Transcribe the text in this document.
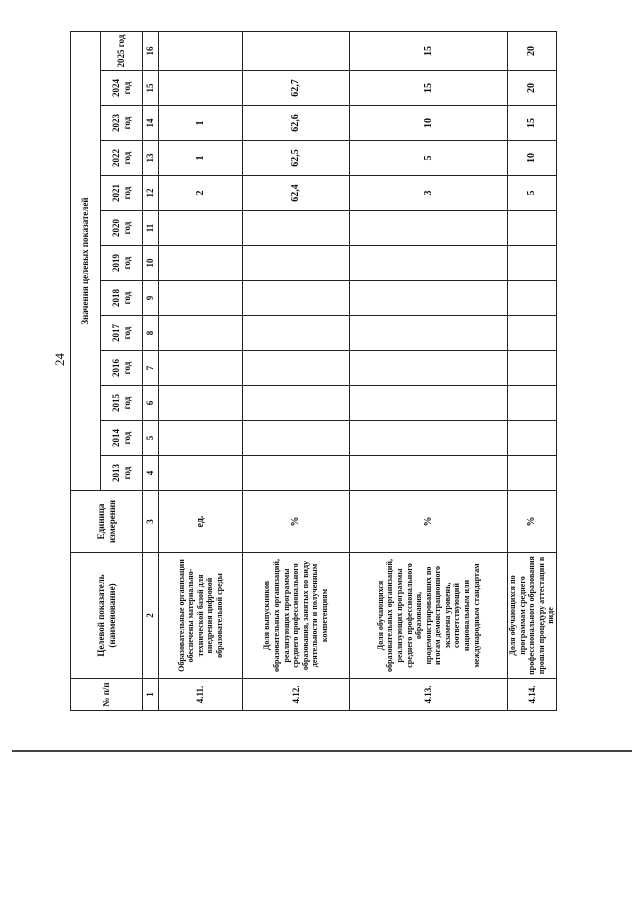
24
№ п/п	Целевой показатель (наименование)	Единица измерения	Значения целевых показателей												
			2013 год	2014 год	2015 год	2016 год	2017 год	2018 год	2019 год	2020 год	2021 год	2022 год	2023 год	2024 год	2025 год
1	2	3	4	5	6	7	8	9	10	11	12	13	14	15	16
4.11.	Образовательные организации обеспечены материально-технической базой для внедрения цифровой образовательной среды	ед.									2	1	1		
4.12.	Доля выпускников образовательных организаций, реализующих программы среднего профессионального образования, занятых по виду деятельности и полученным компетенциям	%									62,4	62,5	62,6	62,7	
4.13.	Доля обучающихся образовательных организаций, реализующих программы среднего профессионального образования, продемонстрировавших по итогам демонстрационного экзамена уровень, соответствующий национальным или международным стандартам	%									3	5	10	15	15
4.14.	Доля обучающихся по программам среднего профессионального образования прошли процедуру аттестации в виде	%									5	10	15	20	20
